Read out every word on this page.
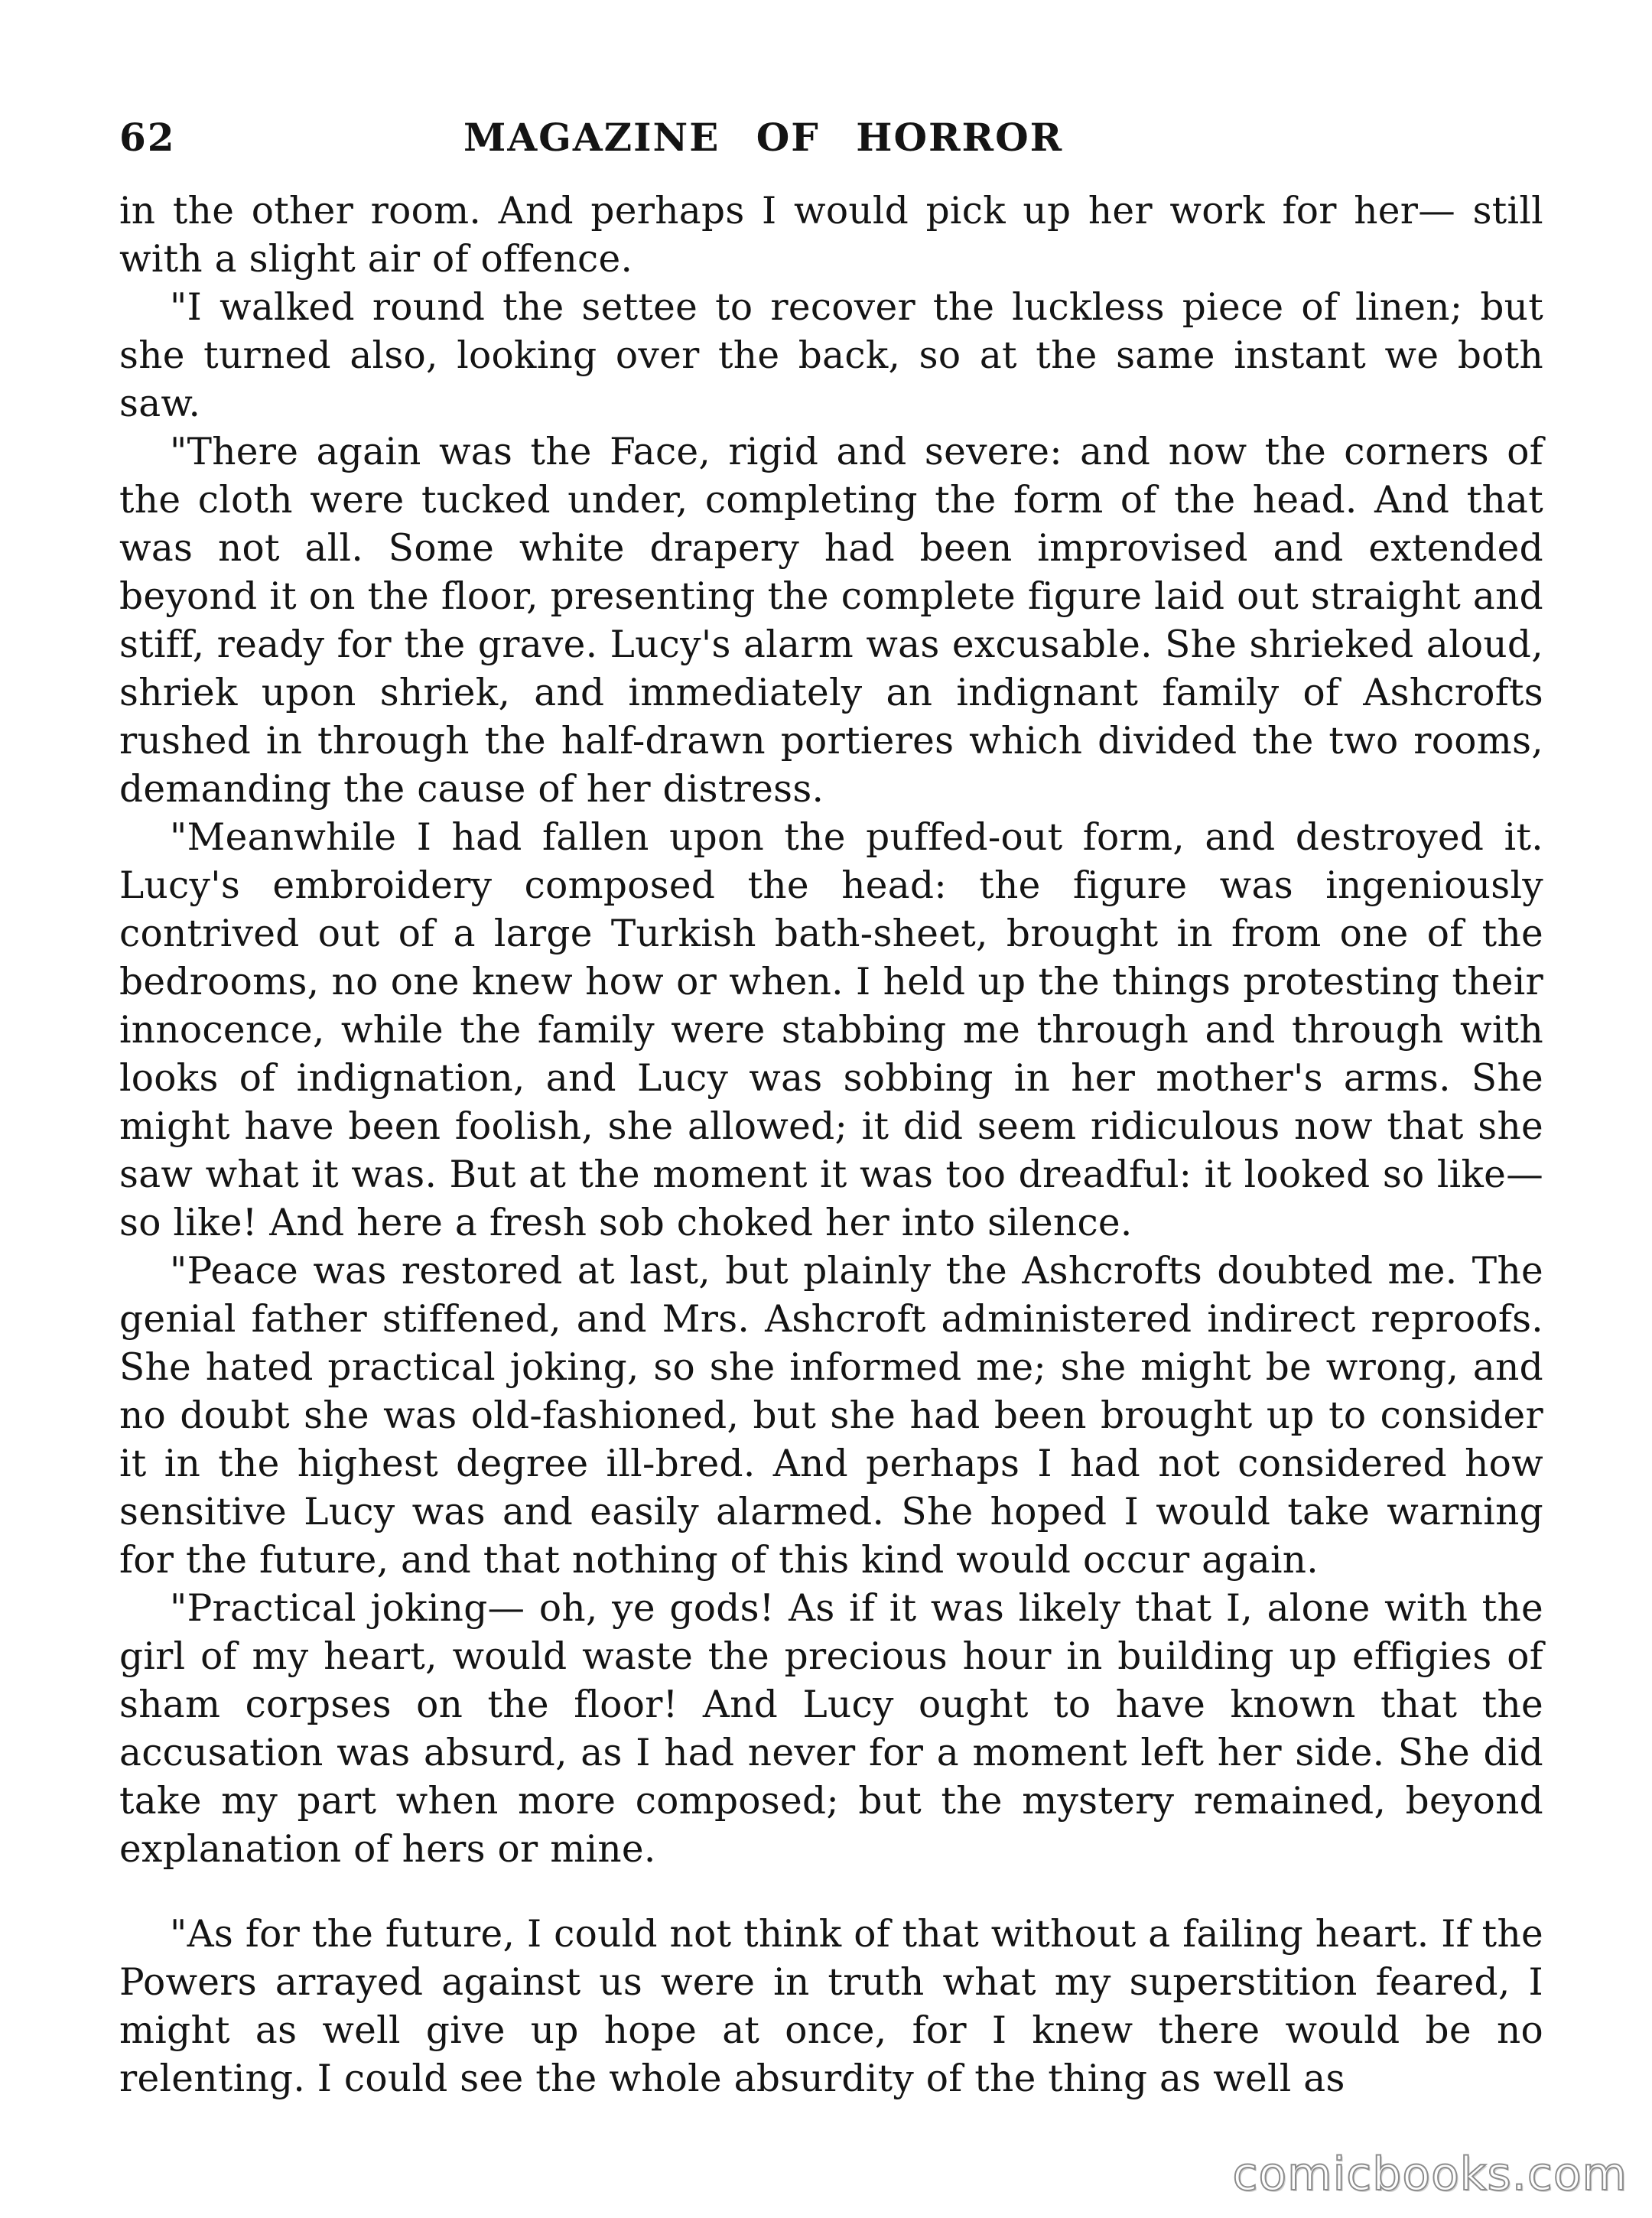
62	MAGAZINE OF HORROR

in the other room. And perhaps I would pick up her work for her— still with a slight air of offence.

"I walked round the settee to recover the luckless piece of linen; but she turned also, looking over the back, so at the same instant we both saw.

"There again was the Face, rigid and severe: and now the corners of the cloth were tucked under, completing the form of the head. And that was not all. Some white drapery had been improvised and extended beyond it on the floor, presenting the complete figure laid out straight and stiff, ready for the grave. Lucy's alarm was excusable. She shrieked aloud, shriek upon shriek, and immediately an indignant family of Ashcrofts rushed in through the half-drawn portieres which divided the two rooms, demanding the cause of her distress.

"Meanwhile I had fallen upon the puffed-out form, and destroyed it. Lucy's embroidery composed the head: the figure was ingeniously contrived out of a large Turkish bath-sheet, brought in from one of the bedrooms, no one knew how or when. I held up the things protesting their innocence, while the family were stabbing me through and through with looks of indignation, and Lucy was sobbing in her mother's arms. She might have been foolish, she allowed; it did seem ridiculous now that she saw what it was. But at the moment it was too dreadful: it looked so like— so like! And here a fresh sob choked her into silence.

"Peace was restored at last, but plainly the Ashcrofts doubted me. The genial father stiffened, and Mrs. Ashcroft administered indirect reproofs. She hated practical joking, so she informed me; she might be wrong, and no doubt she was old-fashioned, but she had been brought up to consider it in the highest degree ill-bred. And perhaps I had not considered how sensitive Lucy was and easily alarmed. She hoped I would take warning for the future, and that nothing of this kind would occur again.

"Practical joking— oh, ye gods! As if it was likely that I, alone with the girl of my heart, would waste the precious hour in building up effigies of sham corpses on the floor! And Lucy ought to have known that the accusation was absurd, as I had never for a moment left her side. She did take my part when more composed; but the mystery remained, beyond explanation of hers or mine.

"As for the future, I could not think of that without a failing heart. If the Powers arrayed against us were in truth what my superstition feared, I might as well give up hope at once, for I knew there would be no relenting. I could see the whole absurdity of the thing as well as

comicbooks.com
